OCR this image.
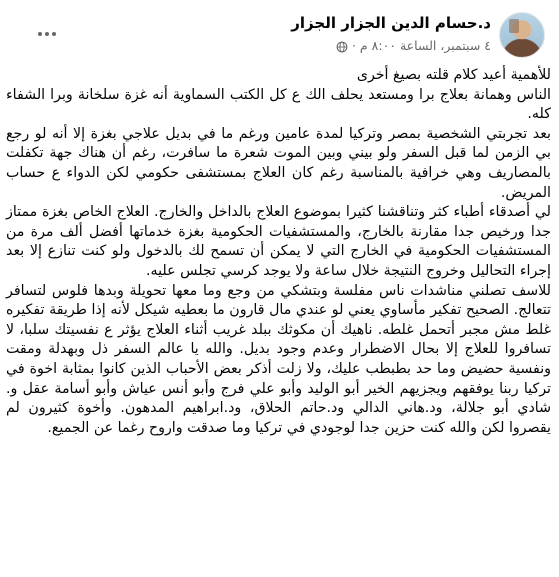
د.حسام الدين الجزار الجزار
٤ سبتمبر، الساعة ٨:٠٠ م
·

للأهمية أعيد كلام قلته بصيغ أخرى

الناس وهمانة بعلاج برا ومستعد يحلف الك ع كل الكتب السماوية أنه غزة سلخانة وبرا الشفاء كله.

بعد تجربتي الشخصية بمصر وتركيا لمدة عامين ورغم ما في بديل علاجي بغزة إلا أنه لو رجع بي الزمن لما قبل السفر ولو بيني وبين الموت شعرة ما سافرت، رغم أن هناك جهة تكفلت بالمصاريف وهي خرافية بالمناسبة رغم كان العلاج بمستشفى حكومي لكن الدواء ع حساب المريض.

لي أصدقاء أطباء كثر وتناقشنا كثيرا بموضوع العلاج بالداخل والخارج. العلاج الخاص بغزة ممتاز جدا ورخيص جدا مقارنة بالخارج، والمستشفيات الحكومية بغزة خدماتها أفضل ألف مرة من المستشفيات الحكومية في الخارج التي لا يمكن أن تسمح لك بالدخول ولو كنت تنازع إلا بعد إجراء التحاليل وخروج النتيجة خلال ساعة ولا يوجد كرسي تجلس عليه.

للاسف تصلني مناشدات ناس مفلسة وبتشكي من وجع وما معها تحويلة وبدها فلوس لتسافر تتعالج. الصحيح تفكير مأساوي يعني لو عندي مال قارون ما بعطيه شيكل لأنه إذا طريقة تفكيره غلط مش مجبر أتحمل غلطه. ناهيك أن مكوثك ببلد غريب أثناء العلاج يؤثر ع نفسيتك سلبا، لا تسافروا للعلاج إلا بحال الاضطرار وعدم وجود بديل. والله يا عالم السفر ذل وبهدلة ومقت ونفسية حضيض وما حد بطبطب عليك، ولا زلت أذكر بعض الأحباب الذين كانوا بمثابة اخوة في تركيا ربنا يوفقهم ويجزيهم الخير أبو الوليد وأبو علي فرج وأبو أنس عياش وأبو أسامة عقل و. شادي أبو جلالة، ود.هاني الدالي ود.حاتم الحلاق، ود.ابراهيم المدهون. وأخوة كثيرون لم يقصروا لكن والله كنت حزين جدا لوجودي في تركيا وما صدقت واروح رغما عن الجميع.
